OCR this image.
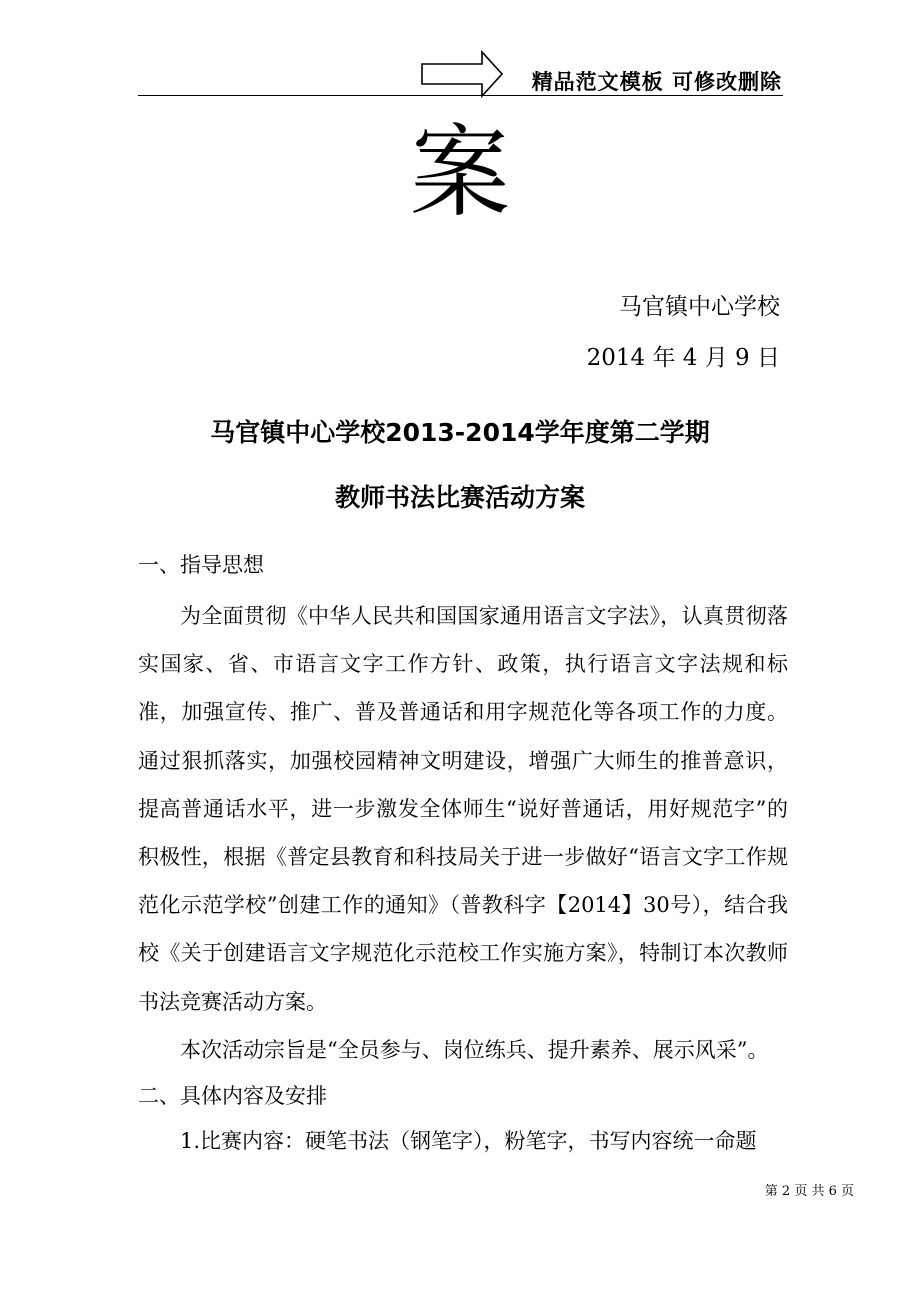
精品范文模板 可修改删除
案
马官镇中心学校
2014 年 4 月 9 日
马官镇中心学校2013-2014学年度第二学期
教师书法比赛活动方案
一、指导思想

为全面贯彻《中华人民共和国国家通用语言文字法》，认真贯彻落实国家、省、市语言文字工作方针、政策，执行语言文字法规和标准，加强宣传、推广、普及普通话和用字规范化等各项工作的力度。通过狠抓落实，加强校园精神文明建设，增强广大师生的推普意识，提高普通话水平，进一步激发全体师生“说好普通话，用好规范字”的积极性，根据《普定县教育和科技局关于进一步做好“语言文字工作规范化示范学校”创建工作的通知》（普教科字【2014】30号），结合我校《关于创建语言文字规范化示范校工作实施方案》，特制订本次教师书法竞赛活动方案。

本次活动宗旨是“全员参与、岗位练兵、提升素养、展示风采”。

二、具体内容及安排
1.比赛内容：硬笔书法（钢笔字），粉笔字，书写内容统一命题
第 2 页 共 6 页
